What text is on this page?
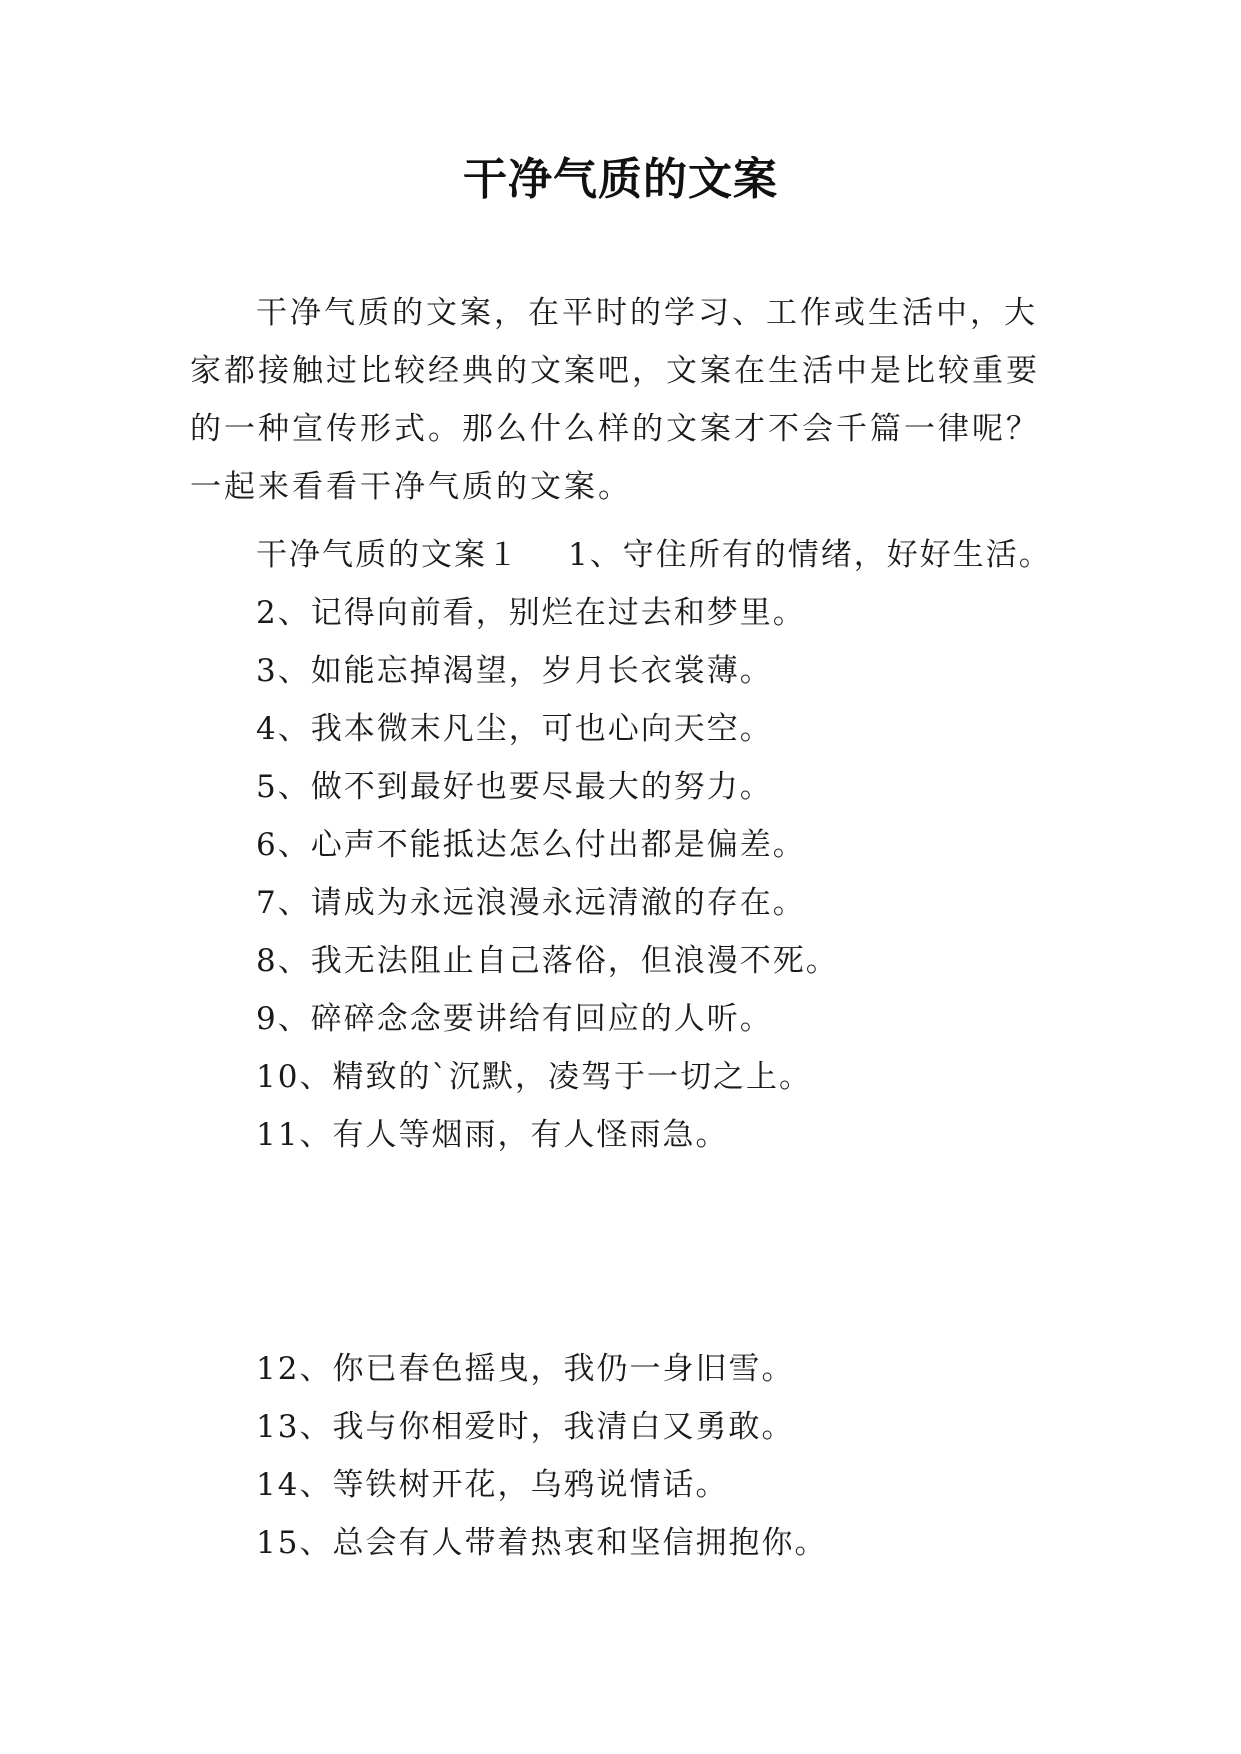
干净气质的文案

干净气质的文案，在平时的学习、工作或生活中，大家都接触过比较经典的文案吧，文案在生活中是比较重要的一种宣传形式。那么什么样的文案才不会千篇一律呢？一起来看看干净气质的文案。

干净气质的文案１ 1、守住所有的情绪，好好生活。
2、记得向前看，别烂在过去和梦里。
3、如能忘掉渴望，岁月长衣裳薄。
4、我本微末凡尘，可也心向天空。
5、做不到最好也要尽最大的努力。
6、心声不能抵达怎么付出都是偏差。
7、请成为永远浪漫永远清澈的存在。
8、我无法阻止自己落俗，但浪漫不死。
9、碎碎念念要讲给有回应的人听。
10、精致的`沉默，凌驾于一切之上。
11、有人等烟雨，有人怪雨急。
12、你已春色摇曳，我仍一身旧雪。
13、我与你相爱时，我清白又勇敢。
14、等铁树开花，乌鸦说情话。
15、总会有人带着热衷和坚信拥抱你。
